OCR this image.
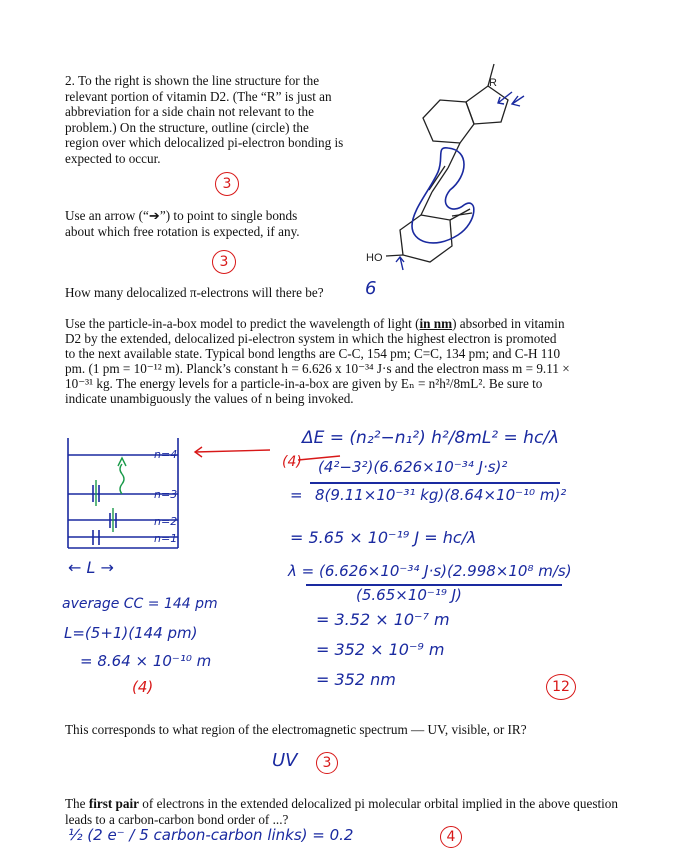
2. To the right is shown the line structure for the relevant portion of vitamin D2. (The “R” is just an abbreviation for a side chain not relevant to the problem.) On the structure, outline (circle) the region over which delocalized pi-electron bonding is expected to occur.

3

Use an arrow (“➔”) to point to single bonds about which free rotation is expected, if any.

3
R
HO

How many delocalized π-electrons will there be? 6

Use the particle-in-a-box model to predict the wavelength of light (in nm) absorbed in vitamin

D2 by the extended, delocalized pi-electron system in which the highest electron is promoted

to the next available state. Typical bond lengths are C-C, 154 pm; C=C, 134 pm; and C-H 110

pm. (1 pm = 10⁻¹² m). Planck’s constant h = 6.626 x 10⁻³⁴ J·s and the electron mass m = 9.11 ×

10⁻³¹ kg. The energy levels for a particle-in-a-box are given by Eₙ = n²h²/8mL². Be sure to

indicate unambiguously the values of n being invoked.

n=4
n=3
n=2
n=1
← L →
average CC = 144 pm
L=(5+1)(144 pm)
= 8.64 × 10⁻¹⁰ m
(4)
ΔE = (n₂²−n₁²) h²/8mL² = hc/λ
(4) (4²−3²)(6.626×10⁻³⁴ J·s)²
= 8(9.11×10⁻³¹ kg)(8.64×10⁻¹⁰ m)²
= 5.65 × 10⁻¹⁹ J = hc/λ
λ = (6.626×10⁻³⁴ J·s)(2.998×10⁸ m/s)
(5.65×10⁻¹⁹ J)
= 3.52 × 10⁻⁷ m
= 352 × 10⁻⁹ m
= 352 nm	12

This corresponds to what region of the electromagnetic spectrum — UV, visible, or IR?

UV	3

The first pair of electrons in the extended delocalized pi molecular orbital implied in the above question leads to a carbon-carbon bond order of ...?

½ (2 e⁻ / 5 carbon-carbon links) = 0.2	4
